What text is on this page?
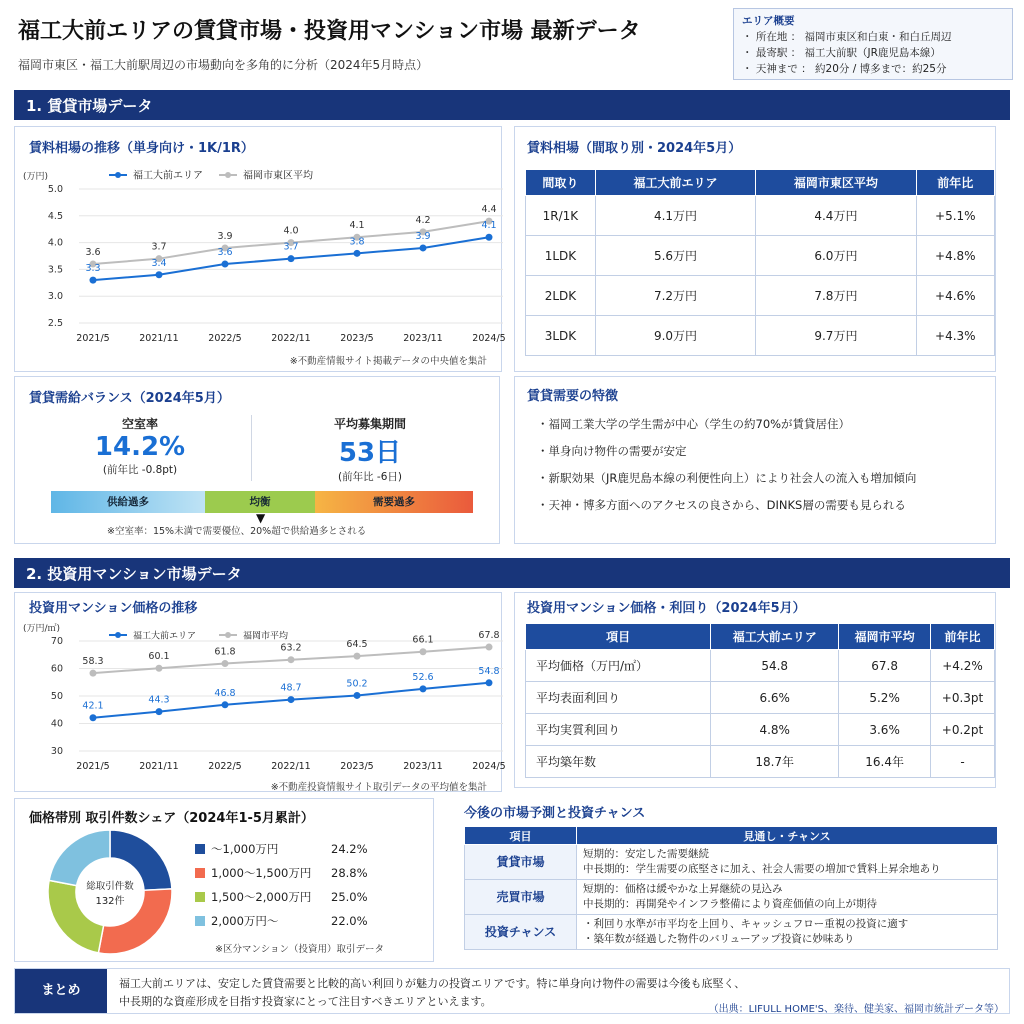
福工大前エリアの賃貸市場・投資用マンション市場 最新データ
福岡市東区・福工大前駅周辺の市場動向を多角的に分析（2024年5月時点）
エリア概要
・ 所在地 ： 福岡市東区和白東・和白丘周辺
・ 最寄駅 ： 福工大前駅（JR鹿児島本線）
・ 天神まで ： 約20分 / 博多まで：約25分
1. 賃貸市場データ
賃料相場の推移（単身向け・1K/1R）
(万円)
5.0
4.5
4.0
3.5
3.0
2.5
2021/5	2021/11	2022/5	2022/11	2023/5	2023/11	2024/5
福工大前エリア	福岡市東区平均
3.6	3.7
3.9	4.0	4.1	4.2
4.4
3.3	3.4
3.6	3.7	3.8	3.9
4.1
※不動産情報サイト掲載データの中央値を集計
賃料相場（間取り別・2024年5月）
間取り	福工大前エリア	福岡市東区平均	前年比
1R/1K	4.1万円	4.4万円	+5.1%
1LDK	5.6万円	6.0万円	+4.8%
2LDK	7.2万円	7.8万円	+4.6%
3LDK	9.0万円	9.7万円	+4.3%
賃貸需給バランス（2024年5月）
空室率
14.2%
(前年比 -0.8pt)
平均募集期間
53日
(前年比 -6日)
供給過多	均衡	需要過多
▼
※空室率：15%未満で需要優位、20%超で供給過多とされる
賃貸需要の特徴
・福岡工業大学の学生需が中心（学生の約70%が賃貸居住）
・単身向け物件の需要が安定
・新駅効果（JR鹿児島本線の利便性向上）により社会人の流入も増加傾向
・天神・博多方面へのアクセスの良さから、DINKS層の需要も見られる
2. 投資用マンション市場データ
投資用マンション価格の推移
(万円/㎡)
70
60
50
40
30
2021/5	2021/11	2022/5	2022/11	2023/5	2023/11	2024/5
福工大前エリア	福岡市平均
58.3	60.1	61.8	63.2	64.5	66.1	67.8
42.1
44.3
46.8	48.7	50.2
52.6
54.8
※不動産投資情報サイト取引データの平均値を集計
投資用マンション価格・利回り（2024年5月）
項目	福工大前エリア	福岡市平均	前年比
平均価格（万円/㎡）	54.8	67.8	+4.2%
平均表面利回り	6.6%	5.2%	+0.3pt
平均実質利回り	4.8%	3.6%	+0.2pt
平均築年数	18.7年	16.4年	-
価格帯別 取引件数シェア（2024年1-5月累計）
総取引件数
132件
〜1,000万円	24.2%
1,000〜1,500万円	28.8%
1,500〜2,000万円	25.0%
2,000万円〜	22.0%
※区分マンション（投資用）取引データ
今後の市場予測と投資チャンス
項目	見通し・チャンス
賃貸市場	短期的：安定した需要継続
中長期的：学生需要の底堅さに加え、社会人需要の増加で賃料上昇余地あり

売買市場	短期的：価格は緩やかな上昇継続の見込み
中長期的：再開発やインフラ整備により資産価値の向上が期待

投資チャンス	・利回り水準が市平均を上回り、キャッシュフロー重視の投資に適す
・築年数が経過した物件のバリューアップ投資に妙味あり
まとめ	福工大前エリアは、安定した賃貸需要と比較的高い利回りが魅力の投資エリアです。特に単身向け物件の需要は今後も底堅く、
中長期的な資産形成を目指す投資家にとって注目すべきエリアといえます。
（出典：LIFULL HOME'S、楽待、健美家、福岡市統計データ等）
